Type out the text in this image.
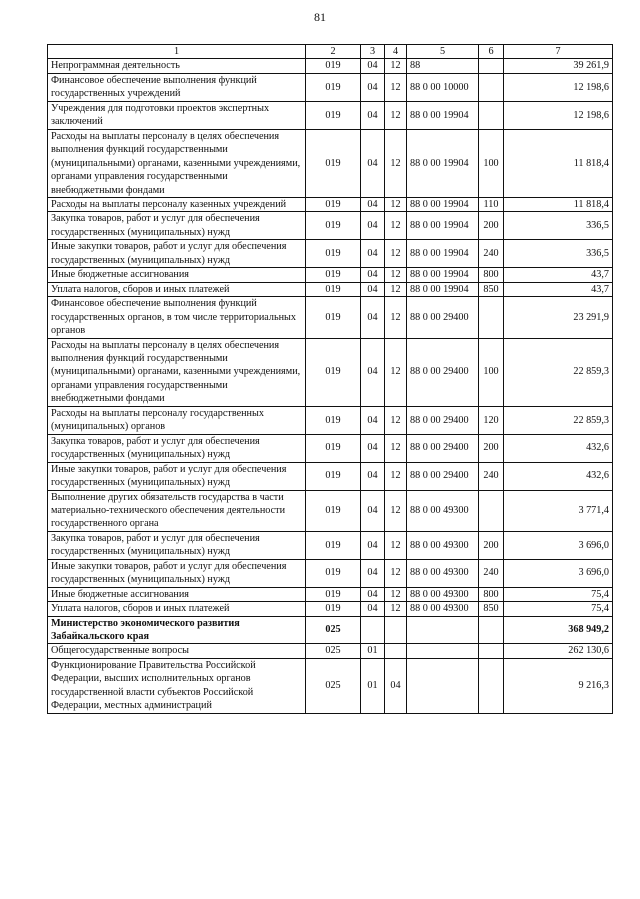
81
1	2	3	4	5	6	7
Непрограммная деятельность	019	04	12	88		39 261,9
Финансовое обеспечение выполнения функций государственных учреждений	019	04	12	88 0 00 10000		12 198,6
Учреждения для подготовки проектов экспертных заключений	019	04	12	88 0 00 19904		12 198,6
Расходы на выплаты персоналу в целях обеспечения выполнения функций государственными (муниципальными) органами, казенными учреждениями, органами управления государственными внебюджетными фондами	019	04	12	88 0 00 19904	100	11 818,4
Расходы на выплаты персоналу казенных учреждений	019	04	12	88 0 00 19904	110	11 818,4
Закупка товаров, работ и услуг для обеспечения государственных (муниципальных) нужд	019	04	12	88 0 00 19904	200	336,5
Иные закупки товаров, работ и услуг для обеспечения государственных (муниципальных) нужд	019	04	12	88 0 00 19904	240	336,5
Иные бюджетные ассигнования	019	04	12	88 0 00 19904	800	43,7
Уплата налогов, сборов и иных платежей	019	04	12	88 0 00 19904	850	43,7
Финансовое обеспечение выполнения функций государственных органов, в том числе территориальных органов	019	04	12	88 0 00 29400		23 291,9
Расходы на выплаты персоналу в целях обеспечения выполнения функций государственными (муниципальными) органами, казенными учреждениями, органами управления государственными внебюджетными фондами	019	04	12	88 0 00 29400	100	22 859,3
Расходы на выплаты персоналу государственных (муниципальных) органов	019	04	12	88 0 00 29400	120	22 859,3
Закупка товаров, работ и услуг для обеспечения государственных (муниципальных) нужд	019	04	12	88 0 00 29400	200	432,6
Иные закупки товаров, работ и услуг для обеспечения государственных (муниципальных) нужд	019	04	12	88 0 00 29400	240	432,6
Выполнение других обязательств государства в части материально-технического обеспечения деятельности государственного органа	019	04	12	88 0 00 49300		3 771,4
Закупка товаров, работ и услуг для обеспечения государственных (муниципальных) нужд	019	04	12	88 0 00 49300	200	3 696,0
Иные закупки товаров, работ и услуг для обеспечения государственных (муниципальных) нужд	019	04	12	88 0 00 49300	240	3 696,0
Иные бюджетные ассигнования	019	04	12	88 0 00 49300	800	75,4
Уплата налогов, сборов и иных платежей	019	04	12	88 0 00 49300	850	75,4
Министерство экономического развития Забайкальского края	025					368 949,2
Общегосударственные вопросы	025	01				262 130,6
Функционирование Правительства Российской Федерации, высших исполнительных органов государственной власти субъектов Российской Федерации, местных администраций	025	01	04			9 216,3
